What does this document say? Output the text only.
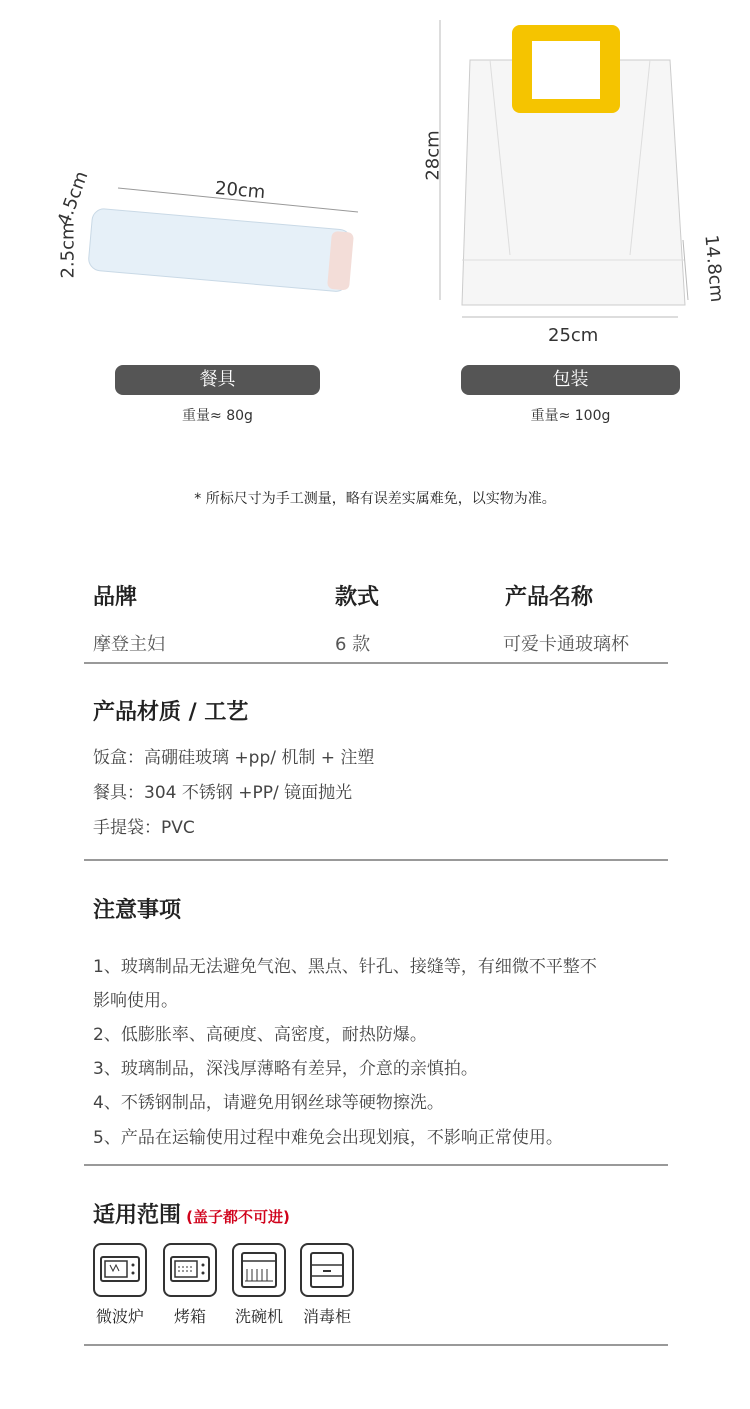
20cm
4.5cm
2.5cm
餐具
重量≈ 80g
28cm
14.8cm
25cm
包装
重量≈ 100g
* 所标尺寸为手工测量，略有误差实属难免，以实物为准。
品牌	款式	产品名称
摩登主妇	6 款	可爱卡通玻璃杯
产品材质 / 工艺
饭盒：高硼硅玻璃 +pp/ 机制 + 注塑
餐具：304 不锈钢 +PP/ 镜面抛光
手提袋：PVC
注意事项
1、玻璃制品无法避免气泡、黑点、针孔、接缝等，有细微不平整不
影响使用。
2、低膨胀率、高硬度、高密度，耐热防爆。
3、玻璃制品，深浅厚薄略有差异，介意的亲慎拍。
4、不锈钢制品，请避免用钢丝球等硬物擦洗。
5、产品在运输使用过程中难免会出现划痕，不影响正常使用。
适用范围 (盖子都不可进)
微波炉	烤箱	洗碗机	消毒柜
